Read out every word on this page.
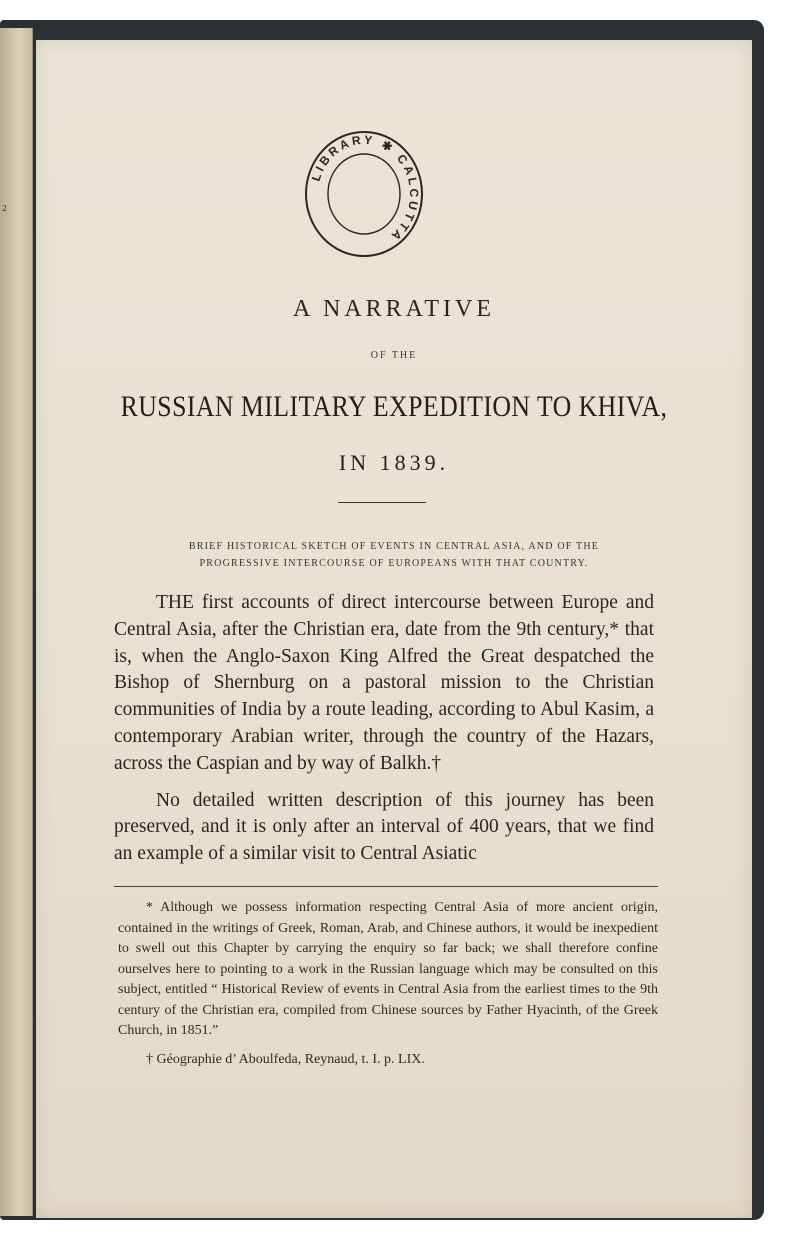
2
LIBRARY ✱ CALCUTTA
A NARRATIVE
OF THE
RUSSIAN MILITARY EXPEDITION TO KHIVA,
IN 1839.
BRIEF HISTORICAL SKETCH OF EVENTS IN CENTRAL ASIA, AND OF THE
PROGRESSIVE INTERCOURSE OF EUROPEANS WITH THAT COUNTRY.

THE first accounts of direct intercourse between Europe and Central Asia, after the Christian era, date from the 9th century,* that is, when the Anglo-Saxon King Alfred the Great despatched the Bishop of Shernburg on a pastoral mission to the Christian communities of India by a route leading, according to Abul Kasim, a contemporary Arabian writer, through the country of the Hazars, across the Caspian and by way of Balkh.†

No detailed written description of this journey has been preserved, and it is only after an interval of 400 years, that we find an example of a similar visit to Central Asiatic

* Although we possess information respecting Central Asia of more ancient origin, contained in the writings of Greek, Roman, Arab, and Chinese authors, it would be inexpedient to swell out this Chapter by carrying the enquiry so far back; we shall therefore confine ourselves here to pointing to a work in the Russian language which may be consulted on this subject, entitled “ Historical Review of events in Central Asia from the earliest times to the 9th century of the Christian era, compiled from Chinese sources by Father Hyacinth, of the Greek Church, in 1851.”

† Géographie d’ Aboulfeda, Reynaud, t. I. p. LIX.
